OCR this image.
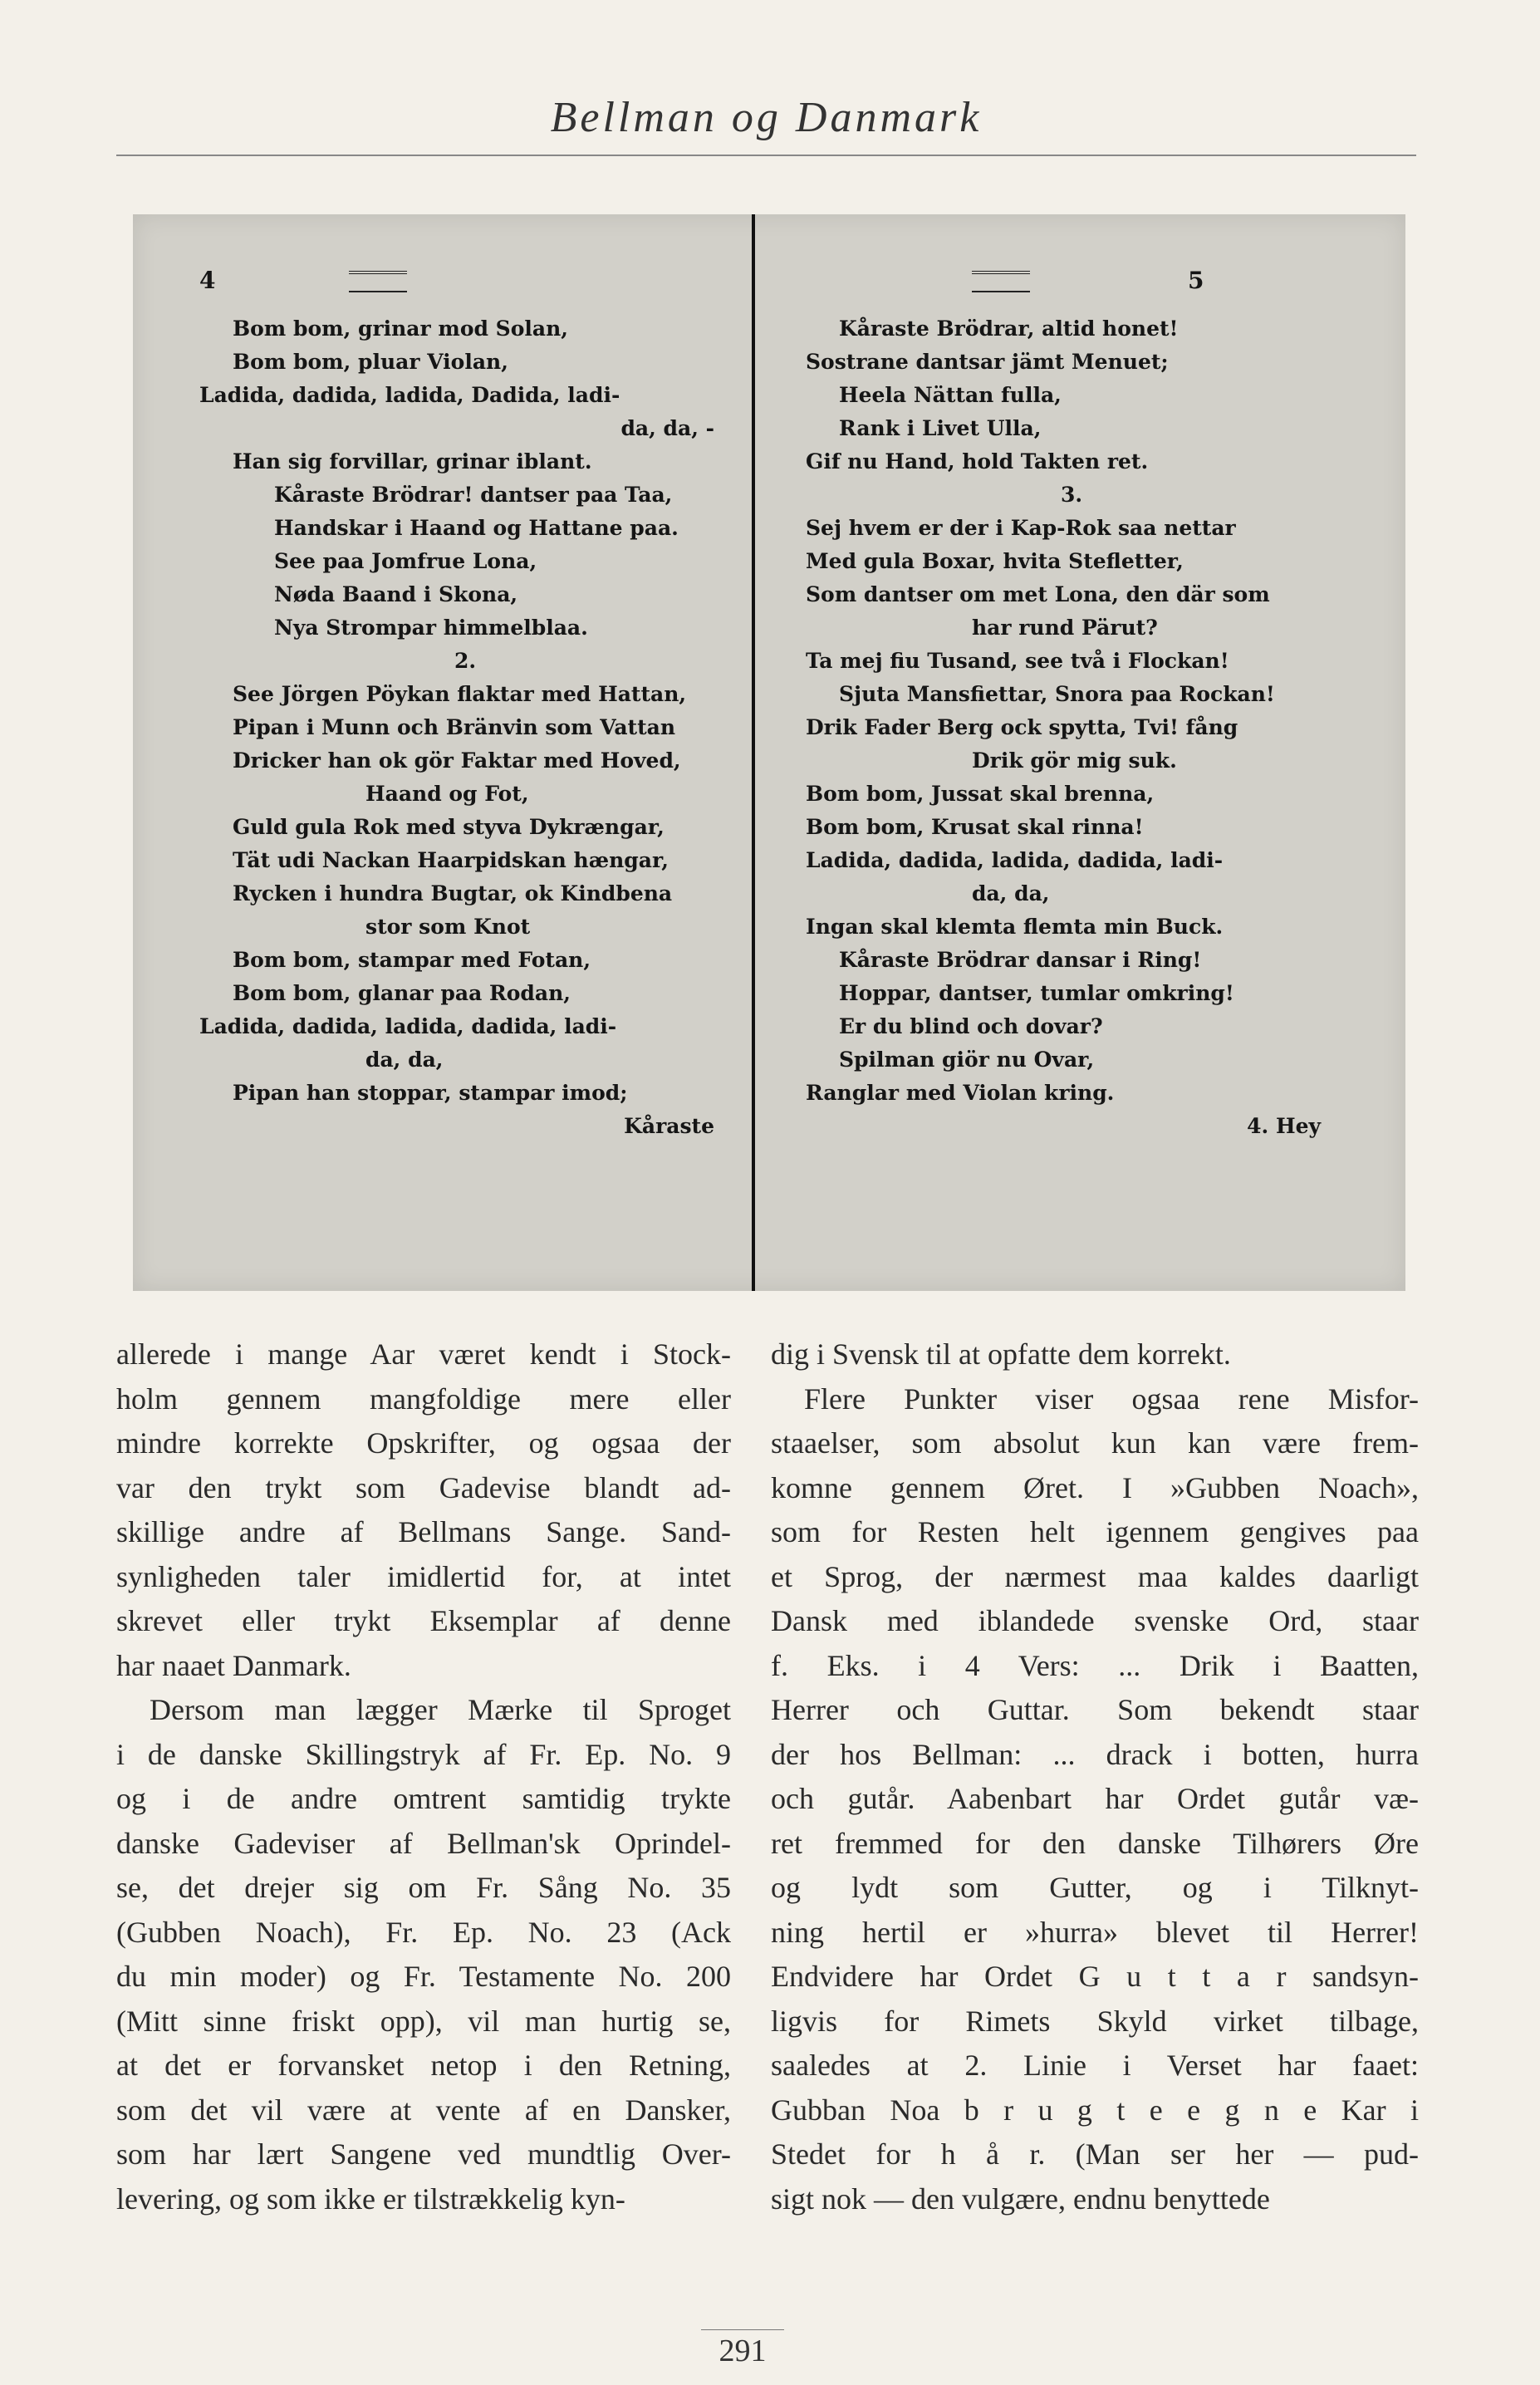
Bellman og Danmark
4
Bom bom, grinar mod Solan,
Bom bom, pluar Violan,
Ladida, dadida, ladida, Dadida, ladi-
da, da, -
Han sig forvillar, grinar iblant.
Kåraste Brödrar! dantser paa Taa,
Handskar i Haand og Hattane paa.
See paa Jomfrue Lona,
Nøda Baand i Skona,
Nya Strompar himmelblaa.
2.
See Jörgen Pöykan flaktar med Hattan,
Pipan i Munn och Bränvin som Vattan
Dricker han ok gör Faktar med Hoved,
Haand og Fot,
Guld gula Rok med styva Dykrængar,
Tät udi Nackan Haarpidskan hængar,
Rycken i hundra Bugtar, ok Kindbena
stor som Knot
Bom bom, stampar med Fotan,
Bom bom, glanar paa Rodan,
Ladida, dadida, ladida, dadida, ladi-
da, da,
Pipan han stoppar, stampar imod;
Kåraste
5
Kåraste Brödrar, altid honet!
Sostrane dantsar jämt Menuet;
Heela Nättan fulla,
Rank i Livet Ulla,
Gif nu Hand, hold Takten ret.
3.
Sej hvem er der i Kap-Rok saa nettar
Med gula Boxar, hvita Stefletter,
Som dantser om met Lona, den där som
har rund Pärut?
Ta mej fiu Tusand, see två i Flockan!
Sjuta Mansfiettar, Snora paa Rockan!
Drik Fader Berg ock spytta, Tvi! fång
Drik gör mig suk.
Bom bom, Jussat skal brenna,
Bom bom, Krusat skal rinna!
Ladida, dadida, ladida, dadida, ladi-
da, da,
Ingan skal klemta flemta min Buck.
Kåraste Brödrar dansar i Ring!
Hoppar, dantser, tumlar omkring!
Er du blind och dovar?
Spilman giör nu Ovar,
Ranglar med Violan kring.
4. Hey
allerede i mange Aar været kendt i Stock-
holm gennem mangfoldige mere eller
mindre korrekte Opskrifter, og ogsaa der
var den trykt som Gadevise blandt ad-
skillige andre af Bellmans Sange. Sand-
synligheden taler imidlertid for, at intet
skrevet eller trykt Eksemplar af denne
har naaet Danmark.
Dersom man lægger Mærke til Sproget
i de danske Skillingstryk af Fr. Ep. No. 9
og i de andre omtrent samtidig trykte
danske Gadeviser af Bellman'sk Oprindel-
se, det drejer sig om Fr. Sång No. 35
(Gubben Noach), Fr. Ep. No. 23 (Ack
du min moder) og Fr. Testamente No. 200
(Mitt sinne friskt opp), vil man hurtig se,
at det er forvansket netop i den Retning,
som det vil være at vente af en Dansker,
som har lært Sangene ved mundtlig Over-
levering, og som ikke er tilstrækkelig kyn-
dig i Svensk til at opfatte dem korrekt.
Flere Punkter viser ogsaa rene Misfor-
staaelser, som absolut kun kan være frem-
komne gennem Øret. I »Gubben Noach»,
som for Resten helt igennem gengives paa
et Sprog, der nærmest maa kaldes daarligt
Dansk med iblandede svenske Ord, staar
f. Eks. i 4 Vers: ... Drik i Baatten,
Herrer och Guttar. Som bekendt staar
der hos Bellman: ... drack i botten, hurra
och gutår. Aabenbart har Ordet gutår væ-
ret fremmed for den danske Tilhørers Øre
og lydt som Gutter, og i Tilknyt-
ning hertil er »hurra» blevet til Herrer!
Endvidere har Ordet G u t t a r sandsyn-
ligvis for Rimets Skyld virket tilbage,
saaledes at 2. Linie i Verset har faaet:
Gubban Noa b r u g t e e g n e Kar i
Stedet for h å r. (Man ser her — pud-
sigt nok — den vulgære, endnu benyttede
291
